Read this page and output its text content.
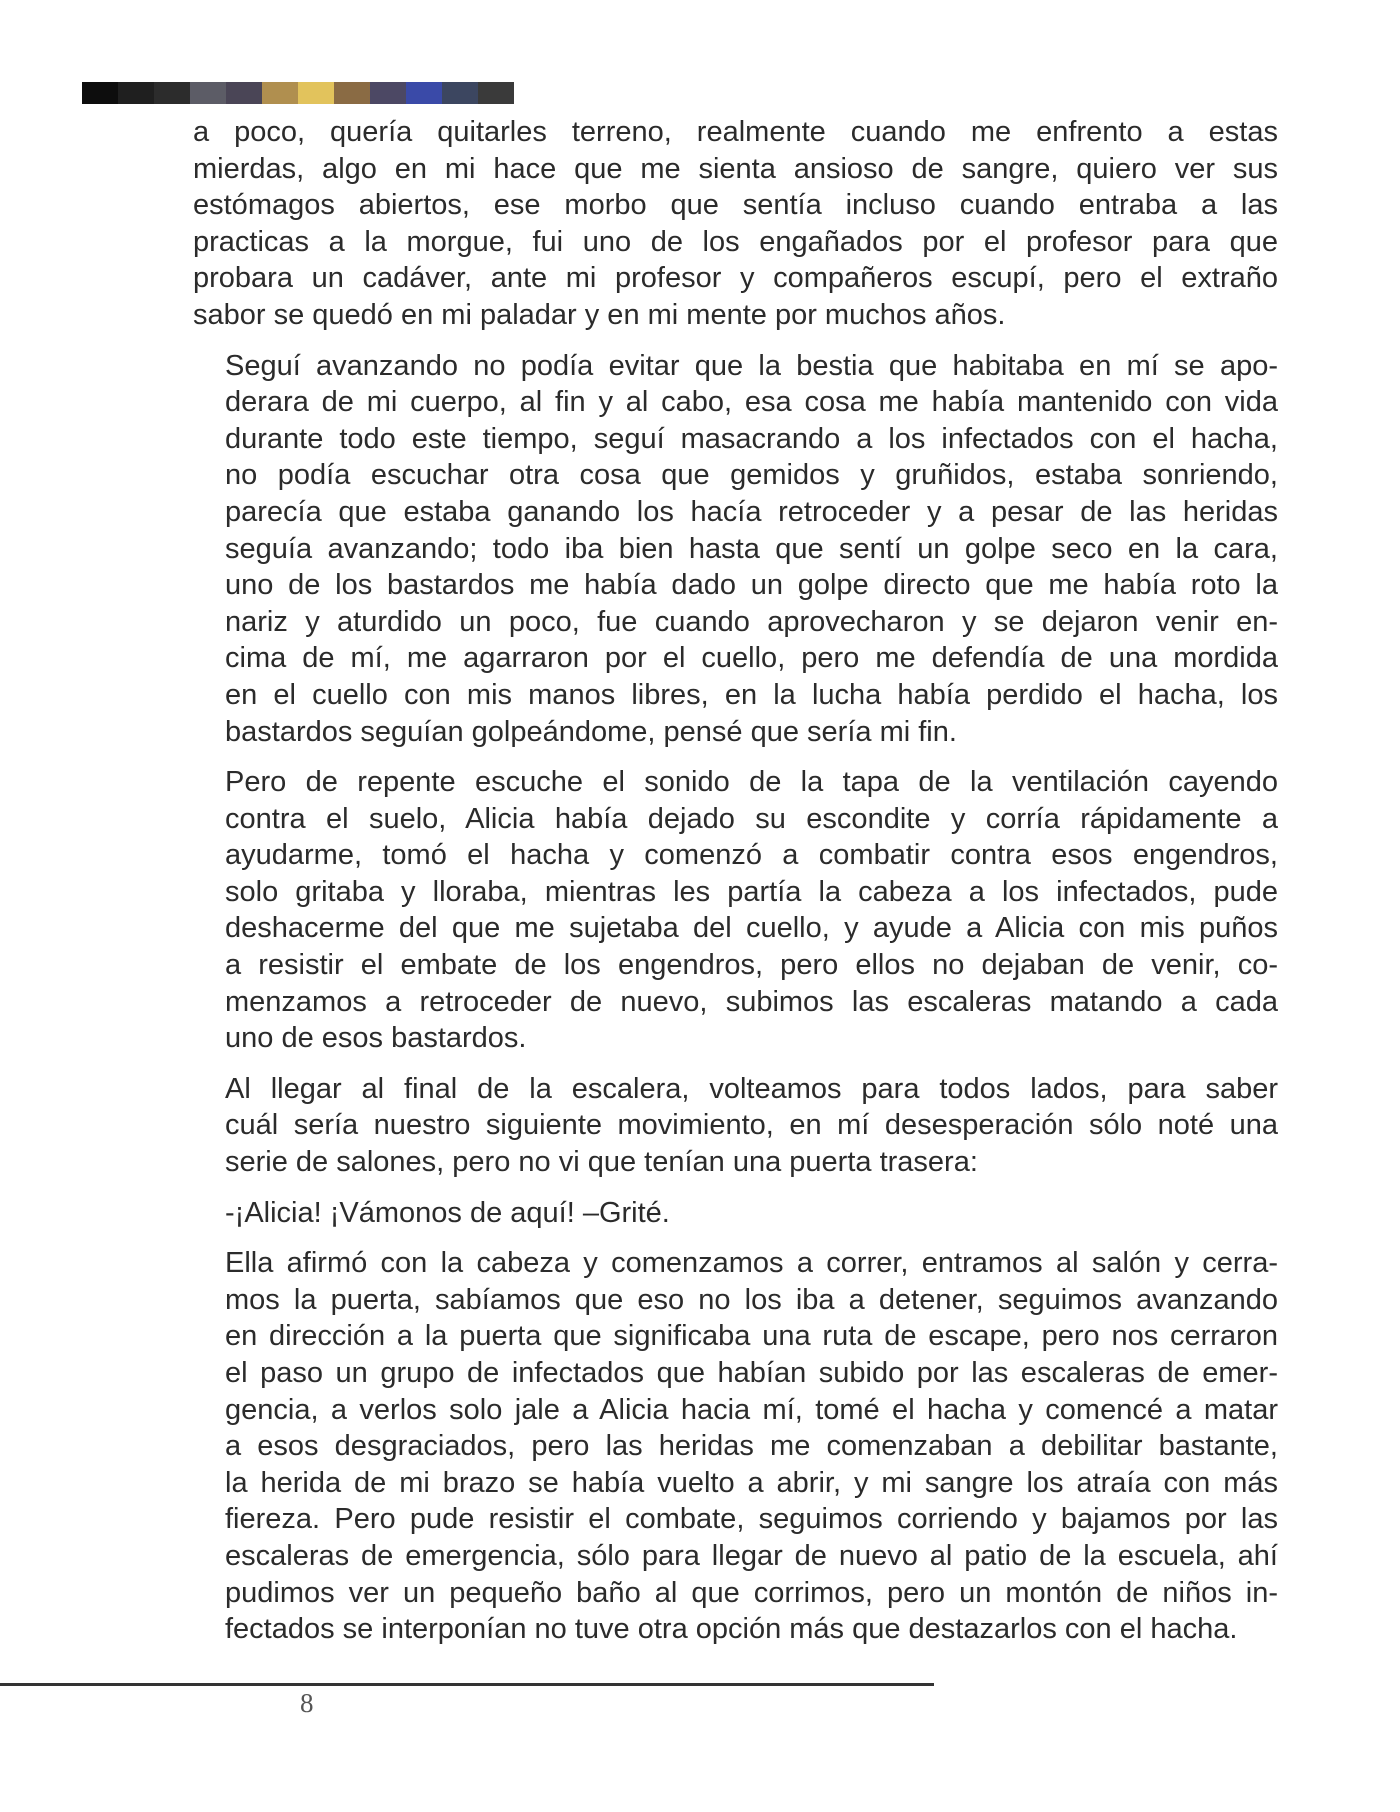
a poco, quería quitarles terreno, realmente cuando me enfrento a estas
mierdas, algo en mi hace que me sienta ansioso de sangre, quiero ver sus
estómagos abiertos, ese morbo que sentía incluso cuando entraba a las
practicas a la morgue, fui uno de los engañados por el profesor para que
probara un cadáver, ante mi profesor y compañeros escupí, pero el extraño
sabor se quedó en mi paladar y en mi mente por muchos años.

Seguí avanzando no podía evitar que la bestia que habitaba en mí se apo-
derara de mi cuerpo, al fin y al cabo, esa cosa me había mantenido con vida
durante todo este tiempo, seguí masacrando a los infectados con el hacha,
no podía escuchar otra cosa que gemidos y gruñidos, estaba sonriendo,
parecía que estaba ganando los hacía retroceder y a pesar de las heridas
seguía avanzando; todo iba bien hasta que sentí un golpe seco en la cara,
uno de los bastardos me había dado un golpe directo que me había roto la
nariz y aturdido un poco, fue cuando aprovecharon y se dejaron venir en-
cima de mí, me agarraron por el cuello, pero me defendía de una mordida
en el cuello con mis manos libres, en la lucha había perdido el hacha, los
bastardos seguían golpeándome, pensé que sería mi fin.

Pero de repente escuche el sonido de la tapa de la ventilación cayendo
contra el suelo, Alicia había dejado su escondite y corría rápidamente a
ayudarme, tomó el hacha y comenzó a combatir contra esos engendros,
solo gritaba y lloraba, mientras les partía la cabeza a los infectados, pude
deshacerme del que me sujetaba del cuello, y ayude a Alicia con mis puños
a resistir el embate de los engendros, pero ellos no dejaban de venir, co-
menzamos a retroceder de nuevo, subimos las escaleras matando a cada
uno de esos bastardos.

Al llegar al final de la escalera, volteamos para todos lados, para saber
cuál sería nuestro siguiente movimiento, en mí desesperación sólo noté una
serie de salones, pero no vi que tenían una puerta trasera:

-¡Alicia! ¡Vámonos de aquí! –Grité.

Ella afirmó con la cabeza y comenzamos a correr, entramos al salón y cerra-
mos la puerta, sabíamos que eso no los iba a detener, seguimos avanzando
en dirección a la puerta que significaba una ruta de escape, pero nos cerraron
el paso un grupo de infectados que habían subido por las escaleras de emer-
gencia, a verlos solo jale a Alicia hacia mí, tomé el hacha y comencé a matar
a esos desgraciados, pero las heridas me comenzaban a debilitar bastante,
la herida de mi brazo se había vuelto a abrir, y mi sangre los atraía con más
fiereza. Pero pude resistir el combate, seguimos corriendo y bajamos por las
escaleras de emergencia, sólo para llegar de nuevo al patio de la escuela, ahí
pudimos ver un pequeño baño al que corrimos, pero un montón de niños in-
fectados se interponían no tuve otra opción más que destazarlos con el hacha.

8
